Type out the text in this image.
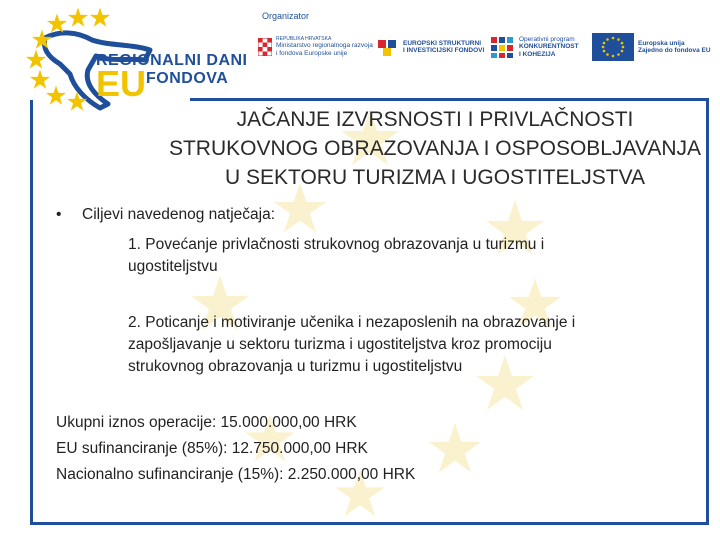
REGIONALNI DANI
EU FONDOVA
Organizator
REPUBLIKA HRVATSKA
Ministarstvo regionalnoga razvoja
i fondova Europske unije
EUROPSKI STRUKTURNI
I INVESTICIJSKI FONDOVI
Operativni program
KONKURENTNOST
I KOHEZIJA
Europska unija
Zajedno do fondova EU
JAČANJE IZVRSNOSTI I PRIVLAČNOSTI
STRUKOVNOG OBRAZOVANJA I OSPOSOBLJAVANJA
U SEKTORU TURIZMA I UGOSTITELJSTVA
• Ciljevi navedenog natječaja:
1. Povećanje privlačnosti strukovnog obrazovanja u turizmu i
ugostiteljstvu
2. Poticanje i motiviranje učenika i nezaposlenih na obrazovanje i
zapošljavanje u sektoru turizma i ugostiteljstva kroz promociju
strukovnog obrazovanja u turizmu i ugostiteljstvu
Ukupni iznos operacije: 15.000.000,00 HRK
EU sufinanciranje (85%): 12.750.000,00 HRK
Nacionalno sufinanciranje (15%): 2.250.000,00 HRK
